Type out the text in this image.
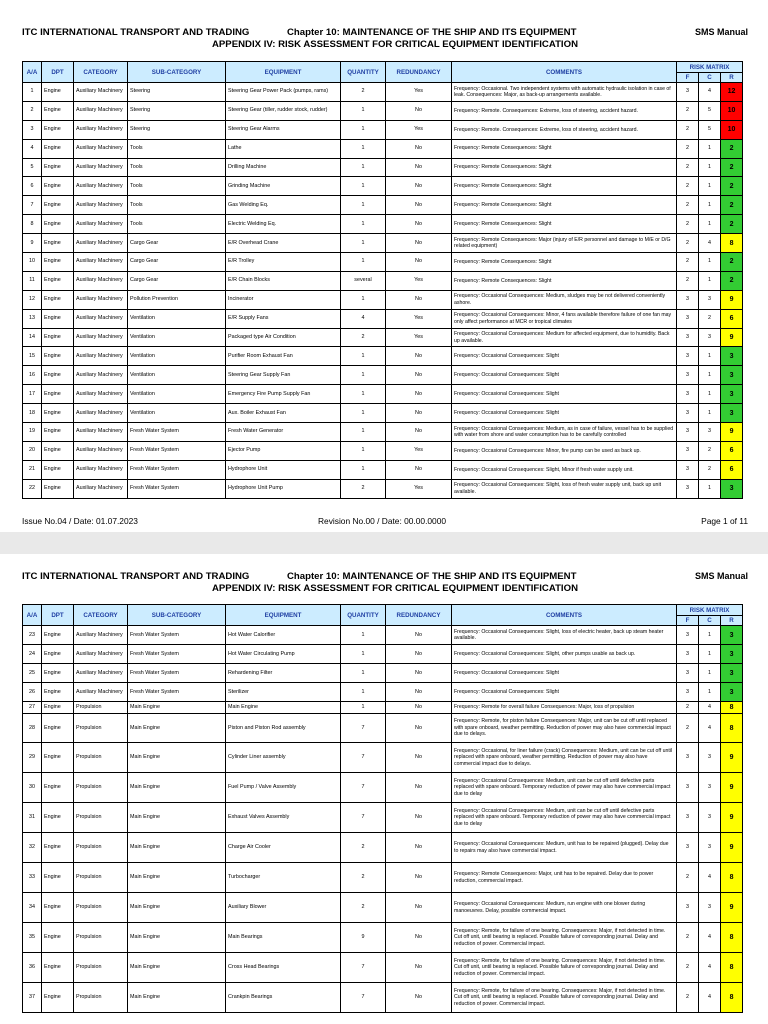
ITC INTERNATIONAL TRANSPORT AND TRADING	Chapter 10: MAINTENANCE OF THE SHIP AND ITS EQUIPMENT	SMS Manual
APPENDIX IV: RISK ASSESSMENT FOR CRITICAL EQUIPMENT IDENTIFICATION
A/A	DPT	CATEGORY	SUB-CATEGORY	EQUIPMENT	QUANTITY	REDUNDANCY	COMMENTS	RISK MATRIX		
								F	C	R
1	Engine	Auxiliary Machinery	Steering	Steering Gear Power Pack (pumps, rams)	2	Yes	Frequency: Occasional. Two independent systems with automatic hydraulic isolation in case of leak. Consequences: Major, as back-up arrangements available.	3	4	12
2	Engine	Auxiliary Machinery	Steering	Steering Gear (tiller, rudder stock, rudder)	1	No	Frequency: Remote. Consequences: Extreme, loss of steering, accident hazard.	2	5	10
3	Engine	Auxiliary Machinery	Steering	Steering Gear Alarms	1	Yes	Frequency: Remote. Consequences: Extreme, loss of steering, accident hazard.	2	5	10
4	Engine	Auxiliary Machinery	Tools	Lathe	1	No	Frequency: Remote Consequences: Slight	2	1	2
5	Engine	Auxiliary Machinery	Tools	Drilling Machine	1	No	Frequency: Remote Consequences: Slight	2	1	2
6	Engine	Auxiliary Machinery	Tools	Grinding Machine	1	No	Frequency: Remote Consequences: Slight	2	1	2
7	Engine	Auxiliary Machinery	Tools	Gas Welding Eq.	1	No	Frequency: Remote Consequences: Slight	2	1	2
8	Engine	Auxiliary Machinery	Tools	Electric Welding Eq.	1	No	Frequency: Remote Consequences: Slight	2	1	2
9	Engine	Auxiliary Machinery	Cargo Gear	E/R Overhead Crane	1	No	Frequency: Remote Consequences: Major (injury of E/R personnel and damage to M/E or D/G related equipment)	2	4	8
10	Engine	Auxiliary Machinery	Cargo Gear	E/R Trolley	1	No	Frequency: Remote Consequences: Slight	2	1	2
11	Engine	Auxiliary Machinery	Cargo Gear	E/R Chain Blocks	several	Yes	Frequency: Remote Consequences: Slight	2	1	2
12	Engine	Auxiliary Machinery	Pollution Prevention	Incinerator	1	No	Frequency: Occasional Consequences: Medium, sludges may be not delivered conveniently ashore.	3	3	9
13	Engine	Auxiliary Machinery	Ventilation	E/R Supply Fans	4	Yes	Frequency: Occasional Consequences: Minor, 4 fans available therefore failure of one fan may only affect performance at MCR or tropical climates	3	2	6
14	Engine	Auxiliary Machinery	Ventilation	Packaged type Air Condition	2	Yes	Frequency: Occasional Consequences: Medium for affected equipment, due to humidity. Back up available.	3	3	9
15	Engine	Auxiliary Machinery	Ventilation	Purifier Room Exhaust Fan	1	No	Frequency: Occasional Consequences: Slight	3	1	3
16	Engine	Auxiliary Machinery	Ventilation	Steering Gear Supply Fan	1	No	Frequency: Occasional Consequences: Slight	3	1	3
17	Engine	Auxiliary Machinery	Ventilation	Emergency Fire Pump Supply Fan	1	No	Frequency: Occasional Consequences: Slight	3	1	3
18	Engine	Auxiliary Machinery	Ventilation	Aux. Boiler Exhaust Fan	1	No	Frequency: Occasional Consequences: Slight	3	1	3
19	Engine	Auxiliary Machinery	Fresh Water System	Fresh Water Generator	1	No	Frequency: Occasional Consequences: Medium, as in case of failure, vessel has to be supplied with water from shore and water consumption has to be carefully controlled	3	3	9
20	Engine	Auxiliary Machinery	Fresh Water System	Ejector Pump	1	Yes	Frequency: Occasional Consequences: Minor, fire pump can be used as back up.	3	2	6
21	Engine	Auxiliary Machinery	Fresh Water System	Hydrophore Unit	1	No	Frequency: Occasional Consequences: Slight, Minor if fresh water supply unit.	3	2	6
22	Engine	Auxiliary Machinery	Fresh Water System	Hydrophore Unit Pump	2	Yes	Frequency: Occasional Consequences: Slight, loss of fresh water supply unit, back up unit available.	3	1	3
Issue No.04 / Date: 01.07.2023	Revision No.00 / Date: 00.00.0000	Page 1 of 11
ITC INTERNATIONAL TRANSPORT AND TRADING	Chapter 10: MAINTENANCE OF THE SHIP AND ITS EQUIPMENT	SMS Manual
APPENDIX IV: RISK ASSESSMENT FOR CRITICAL EQUIPMENT IDENTIFICATION
A/A	DPT	CATEGORY	SUB-CATEGORY	EQUIPMENT	QUANTITY	REDUNDANCY	COMMENTS	RISK MATRIX		
								F	C	R
23	Engine	Auxiliary Machinery	Fresh Water System	Hot Water Calorifier	1	No	Frequency: Occasional Consequences: Slight, loss of electric heater, back up steam heater available.	3	1	3
24	Engine	Auxiliary Machinery	Fresh Water System	Hot Water Circulating Pump	1	No	Frequency: Occasional Consequences: Slight, other pumps usable as back up.	3	1	3
25	Engine	Auxiliary Machinery	Fresh Water System	Rehardening Filter	1	No	Frequency: Occasional Consequences: Slight	3	1	3
26	Engine	Auxiliary Machinery	Fresh Water System	Sterilizer	1	No	Frequency: Occasional Consequences: Slight	3	1	3
27	Engine	Propulsion	Main Engine	Main Engine	1	No	Frequency: Remote for overall failure Consequences: Major, loss of propulsion	2	4	8
28	Engine	Propulsion	Main Engine	Piston and Piston Rod assembly	7	No	Frequency: Remote, for piston failure Consequences: Major, unit can be cut off until replaced with spare onboard, weather permitting. Reduction of power may also have commercial impact due to delays.	2	4	8
29	Engine	Propulsion	Main Engine	Cylinder Liner assembly	7	No	Frequency: Occasional, for liner failure (crack) Consequences: Medium, unit can be cut off until replaced with spare onboard, weather permitting. Reduction of power may also have commercial impact due to delays.	3	3	9
30	Engine	Propulsion	Main Engine	Fuel Pump / Valve Assembly	7	No	Frequency: Occasional Consequences: Medium, unit can be cut off until defective parts replaced with spare onboard. Temporary reduction of power may also have commercial impact due to delay	3	3	9
31	Engine	Propulsion	Main Engine	Exhaust Valves Assembly	7	No	Frequency: Occasional Consequences: Medium, unit can be cut off until defective parts replaced with spare onboard. Temporary reduction of power may also have commercial impact due to delay	3	3	9
32	Engine	Propulsion	Main Engine	Charge Air Cooler	2	No	Frequency: Occasional Consequences: Medium, unit has to be repaired (plugged). Delay due to repairs may also have commercial impact.	3	3	9
33	Engine	Propulsion	Main Engine	Turbocharger	2	No	Frequency: Remote Consequences: Major, unit has to be repaired. Delay due to power reduction, commercial impact.	2	4	8
34	Engine	Propulsion	Main Engine	Auxiliary Blower	2	No	Frequency: Occasional Consequences: Medium, run engine with one blower during manoeuvres. Delay, possible commercial impact.	3	3	9
35	Engine	Propulsion	Main Engine	Main Bearings	9	No	Frequency: Remote, for failure of one bearing. Consequences: Major, if not detected in time. Cut off unit, until bearing is replaced. Possible failure of corresponding journal. Delay and reduction of power. Commercial impact.	2	4	8
36	Engine	Propulsion	Main Engine	Cross Head Bearings	7	No	Frequency: Remote, for failure of one bearing. Consequences: Major, if not detected in time. Cut off unit, until bearing is replaced. Possible failure of corresponding journal. Delay and reduction of power. Commercial impact.	2	4	8
37	Engine	Propulsion	Main Engine	Crankpin Bearings	7	No	Frequency: Remote, for failure of one bearing. Consequences: Major, if not detected in time. Cut off unit, until bearing is replaced. Possible failure of corresponding journal. Delay and reduction of power. Commercial impact.	2	4	8
